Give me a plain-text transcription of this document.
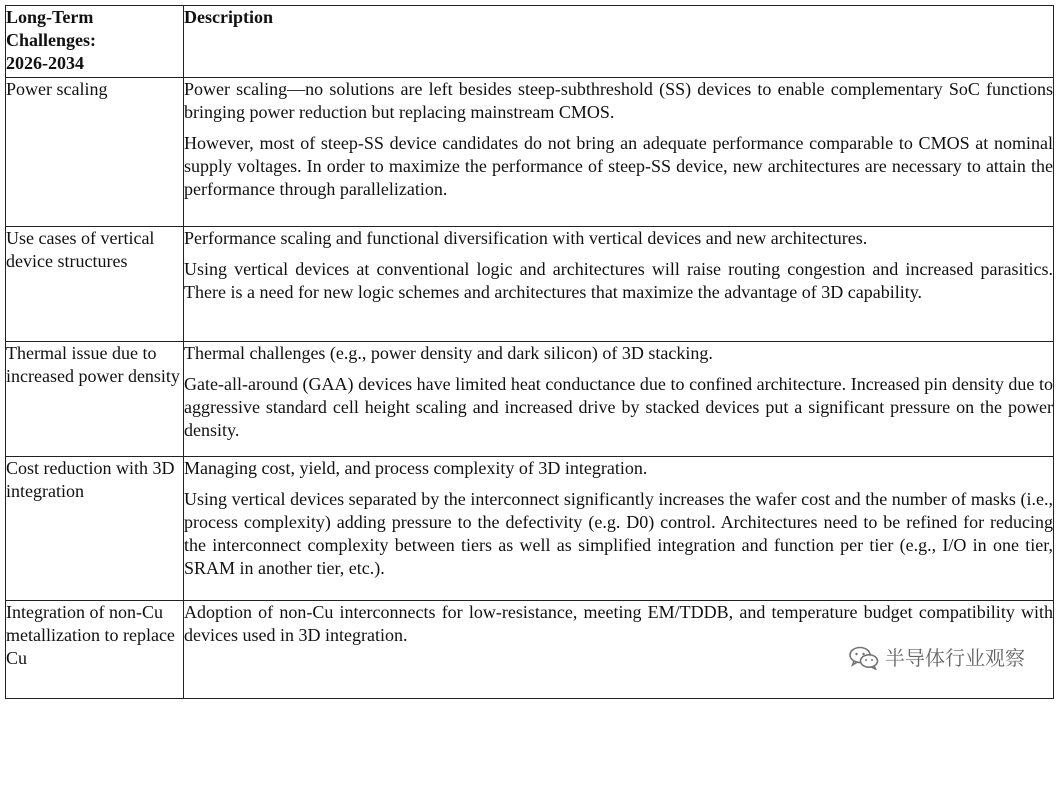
Long-Term
Challenges:
2026-2034	Description
Power scaling	Power scaling—no solutions are left besides steep-subthreshold (SS) devices to enable complementary SoC functions bringing power reduction but replacing mainstream CMOS.

However, most of steep-SS device candidates do not bring an adequate performance comparable to CMOS at nominal supply voltages. In order to maximize the performance of steep-SS device, new architectures are necessary to attain the performance through parallelization.

Use cases of vertical device structures	Performance scaling and functional diversification with vertical devices and new architectures.

Using vertical devices at conventional logic and architectures will raise routing congestion and increased parasitics. There is a need for new logic schemes and architectures that maximize the advantage of 3D capability.

Thermal issue due to increased power density	Thermal challenges (e.g., power density and dark silicon) of 3D stacking.

Gate-all-around (GAA) devices have limited heat conductance due to confined architecture. Increased pin density due to aggressive standard cell height scaling and increased drive by stacked devices put a significant pressure on the power density.

Cost reduction with 3D integration	Managing cost, yield, and process complexity of 3D integration.

Using vertical devices separated by the interconnect significantly increases the wafer cost and the number of masks (i.e., process complexity) adding pressure to the defectivity (e.g. D0) control. Architectures need to be refined for reducing the interconnect complexity between tiers as well as simplified integration and function per tier (e.g., I/O in one tier, SRAM in another tier, etc.).

Integration of non-Cu metallization to replace Cu	Adoption of non-Cu interconnects for low-resistance, meeting EM/TDDB, and temperature budget compatibility with devices used in 3D integration.

半导体行业观察
